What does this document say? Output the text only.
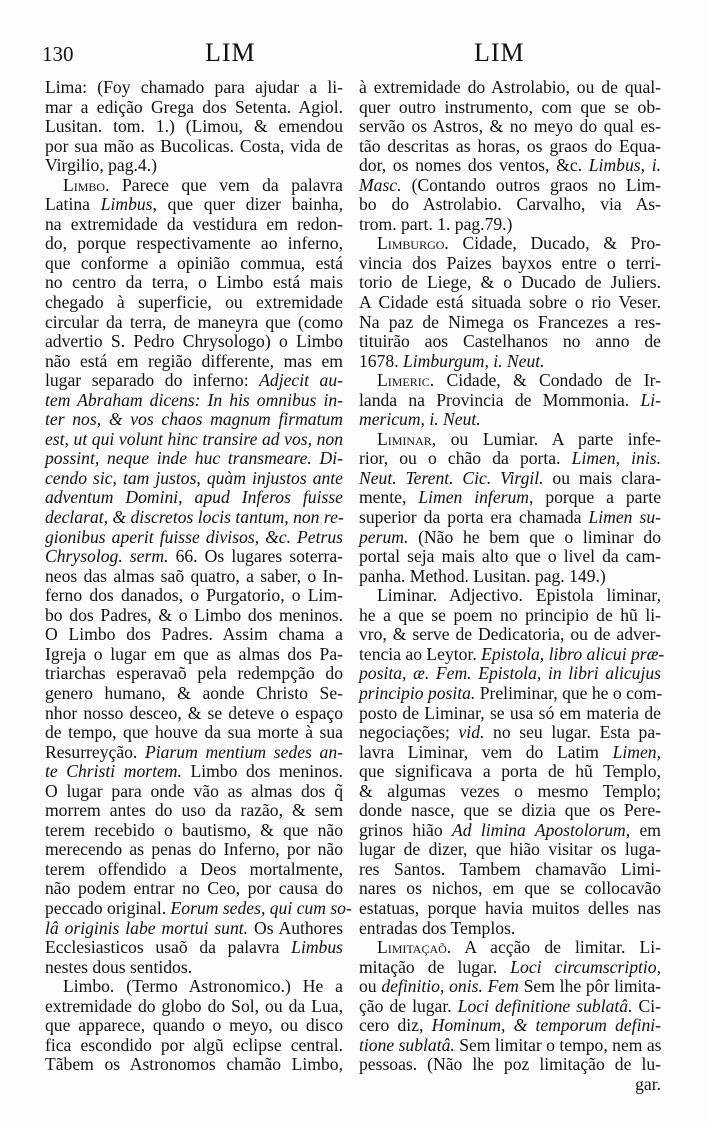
130	LIM	LIM
Lima: (Foy chamado para ajudar a li-
mar a edição Grega dos Setenta. Agiol.
Lusitan. tom. 1.) (Limou, & emendou
por sua mão as Bucolicas. Costa, vida de
Virgilio, pag.4.)
Limbo. Parece que vem da palavra
Latina Limbus, que quer dizer bainha,
na extremidade da vestidura em redon-
do, porque respectivamente ao inferno,
que conforme a opinião commua, está
no centro da terra, o Limbo está mais
chegado à superficie, ou extremidade
circular da terra, de maneyra que (como
advertio S. Pedro Chrysologo) o Limbo
não está em região differente, mas em
lugar separado do inferno: Adjecit au-
tem Abraham dicens: In his omnibus in-
ter nos, & vos chaos magnum firmatum
est, ut qui volunt hinc transire ad vos, non
possint, neque inde huc transmeare. Di-
cendo sic, tam justos, quàm injustos ante
adventum Domini, apud Inferos fuisse
declarat, & discretos locis tantum, non re-
gionibus aperit fuisse divisos, &c. Petrus
Chrysolog. serm. 66. Os lugares soterra-
neos das almas saõ quatro, a saber, o In-
ferno dos danados, o Purgatorio, o Lim-
bo dos Padres, & o Limbo dos meninos.
O Limbo dos Padres. Assim chama a
Igreja o lugar em que as almas dos Pa-
triarchas esperavaõ pela redempção do
genero humano, & aonde Christo Se-
nhor nosso desceo, & se deteve o espaço
de tempo, que houve da sua morte à sua
Resurreyção. Piarum mentium sedes an-
te Christi mortem. Limbo dos meninos.
O lugar para onde vão as almas dos q̃
morrem antes do uso da razão, & sem
terem recebido o bautismo, & que não
merecendo as penas do Inferno, por não
terem offendido a Deos mortalmente,
não podem entrar no Ceo, por causa do
peccado original. Eorum sedes, qui cum so-
lâ originis labe mortui sunt. Os Authores
Ecclesiasticos usaõ da palavra Limbus
nestes dous sentidos.
Limbo. (Termo Astronomico.) He a
extremidade do globo do Sol, ou da Lua,
que apparece, quando o meyo, ou disco
fica escondido por algũ eclipse central.
Tãbem os Astronomos chamão Limbo,
à extremidade do Astrolabio, ou de qual-
quer outro instrumento, com que se ob-
servão os Astros, & no meyo do qual es-
tão descritas as horas, os graos do Equa-
dor, os nomes dos ventos, &c. Limbus, i.
Masc. (Contando outros graos no Lim-
bo do Astrolabio. Carvalho, via As-
trom. part. 1. pag.79.)
Limburgo. Cidade, Ducado, & Pro-
vincia dos Paizes bayxos entre o terri-
torio de Liege, & o Ducado de Juliers.
A Cidade está situada sobre o rio Veser.
Na paz de Nimega os Francezes a res-
tituirão aos Castelhanos no anno de
1678. Limburgum, i. Neut.
Limeric. Cidade, & Condado de Ir-
landa na Provincia de Mommonia. Li-
mericum, i. Neut.
Liminar, ou Lumiar. A parte infe-
rior, ou o chão da porta. Limen, inis.
Neut. Terent. Cic. Virgil. ou mais clara-
mente, Limen inferum, porque a parte
superior da porta era chamada Limen su-
perum. (Não he bem que o liminar do
portal seja mais alto que o livel da cam-
panha. Method. Lusitan. pag. 149.)
Liminar. Adjectivo. Epistola liminar,
he a que se poem no principio de hũ li-
vro, & serve de Dedicatoria, ou de adver-
tencia ao Leytor. Epistola, libro alicui præ-
posita, æ. Fem. Epistola, in libri alicujus
principio posita. Preliminar, que he o com-
posto de Liminar, se usa só em materia de
negociações; vid. no seu lugar. Esta pa-
lavra Liminar, vem do Latim Limen,
que significava a porta de hũ Templo,
& algumas vezes o mesmo Templo;
donde nasce, que se dizia que os Pere-
grinos hião Ad limina Apostolorum, em
lugar de dizer, que hião visitar os luga-
res Santos. Tambem chamavão Limi-
nares os nichos, em que se collocavão
estatuas, porque havia muitos delles nas
entradas dos Templos.
Limitaçaõ. A acção de limitar. Li-
mitação de lugar. Loci circumscriptio,
ou definitio, onis. Fem Sem lhe pôr limita-
ção de lugar. Loci definitione sublatâ. Ci-
cero diz, Hominum, & temporum defini-
tione sublatâ. Sem limitar o tempo, nem as
pessoas. (Não lhe poz limitação de lu-
gar.
